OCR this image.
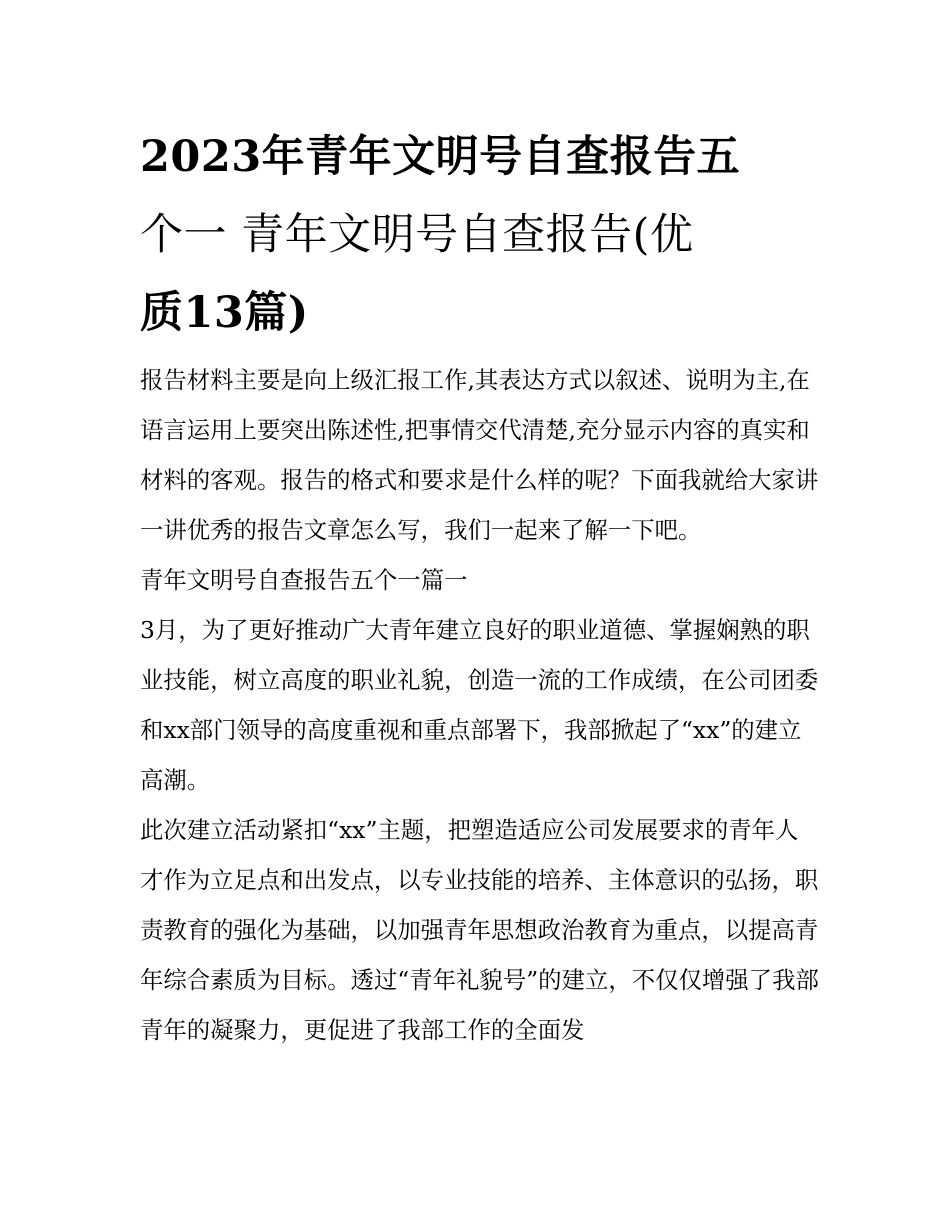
2023年青年文明号自查报告五
个一 青年文明号自查报告(优
质13篇)

报告材料主要是向上级汇报工作,其表达方式以叙述、说明为主,在语言运用上要突出陈述性,把事情交代清楚,充分显示内容的真实和材料的客观。报告的格式和要求是什么样的呢？下面我就给大家讲一讲优秀的报告文章怎么写，我们一起来了解一下吧。

青年文明号自查报告五个一篇一

3月，为了更好推动广大青年建立良好的职业道德、掌握娴熟的职业技能，树立高度的职业礼貌，创造一流的工作成绩，在公司团委和xx部门领导的高度重视和重点部署下，我部掀起了“xx”的建立高潮。

此次建立活动紧扣“xx”主题，把塑造适应公司发展要求的青年人才作为立足点和出发点，以专业技能的培养、主体意识的弘扬，职责教育的强化为基础，以加强青年思想政治教育为重点，以提高青年综合素质为目标。透过“青年礼貌号”的建立，不仅仅增强了我部青年的凝聚力，更促进了我部工作的全面发
